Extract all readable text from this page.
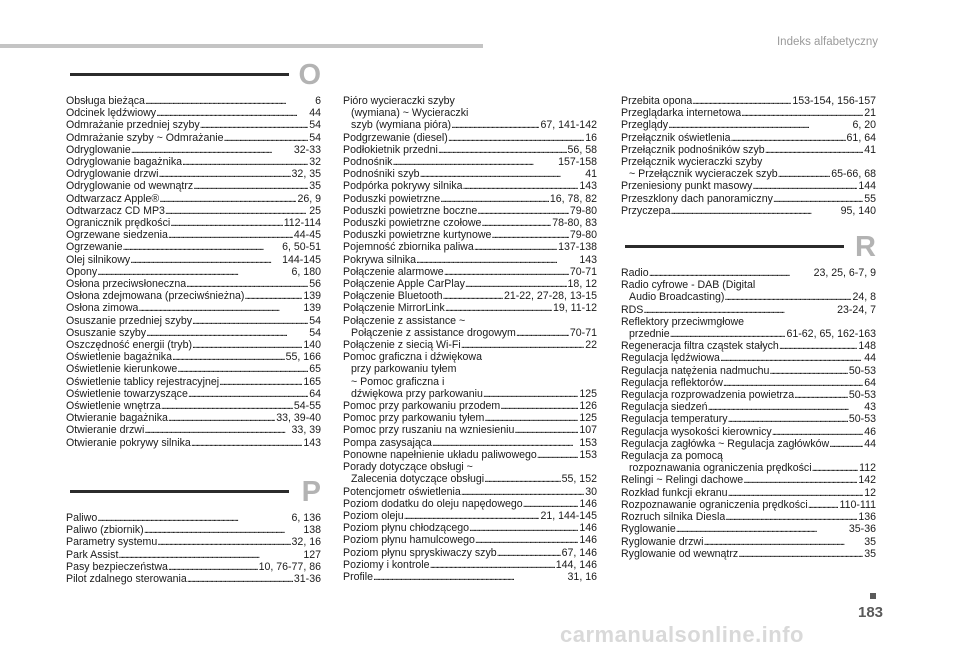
Indeks alfabetyczny
O
Obsługa bieżąca . . .	6
Odcinek lędźwiowy . . .	44
Odmrażanie przedniej szyby . . .	54
Odmrażanie szyby ~ Odmrażanie . . .	54
Odryglowanie . . .	32-33
Odryglowanie bagażnika . . .	32
Odryglowanie drzwi . . .	32, 35
Odryglowanie od wewnątrz . . .	35
Odtwarzacz Apple® . . .	26, 9
Odtwarzacz CD MP3 . . .	25
Ogranicznik prędkości . . .	112-114
Ogrzewane siedzenia . . .	44-45
Ogrzewanie . . .	6, 50-51
Olej silnikowy . . .	144-145
Opony . . .	6, 180
Osłona przeciwsłoneczna . . .	56
Osłona zdejmowana (przeciwśnieżna) . . .	139
Osłona zimowa . . .	139
Osuszanie przedniej szyby . . .	54
Osuszanie szyby . . .	54
Oszczędność energii (tryb) . . .	140
Oświetlenie bagażnika . . .	55, 166
Oświetlenie kierunkowe . . .	65
Oświetlenie tablicy rejestracyjnej . . .	165
Oświetlenie towarzyszące . . .	64
Oświetlenie wnętrza . . .	54-55
Otwieranie bagażnika . . .	33, 39-40
Otwieranie drzwi . . .	33, 39
Otwieranie pokrywy silnika . . .	143
P
Paliwo . . .	6, 136
Paliwo (zbiornik) . . .	138
Parametry systemu . . .	32, 16
Park Assist . . .	127
Pasy bezpieczeństwa . . .	10, 76-77, 86
Pilot zdalnego sterowania . . .	31-36
Pióro wycieraczki szyby
(wymiana) ~ Wycieraczki
szyb (wymiana pióra) . . .	67, 141-142
Podgrzewanie (diesel) . . .	16
Podłokietnik przedni . . .	56, 58
Podnośnik . . .	157-158
Podnośniki szyb . . .	41
Podpórka pokrywy silnika . . .	143
Poduszki powietrzne . . .	16, 78, 82
Poduszki powietrzne boczne . . .	79-80
Poduszki powietrzne czołowe . . .	78-80, 83
Poduszki powietrzne kurtynowe . . .	79-80
Pojemność zbiornika paliwa . . .	137-138
Pokrywa silnika . . .	143
Połączenie alarmowe . . .	70-71
Połączenie Apple CarPlay . . .	18, 12
Połączenie Bluetooth . . .	21-22, 27-28, 13-15
Połączenie MirrorLink . . .	19, 11-12
Połączenie z assistance ~
Połączenie z assistance drogowym . . .	70-71
Połączenie z siecią Wi-Fi . . .	22
Pomoc graficzna i dźwiękowa
przy parkowaniu tyłem
~ Pomoc graficzna i
dźwiękowa przy parkowaniu . . .	125
Pomoc przy parkowaniu przodem . . .	126
Pomoc przy parkowaniu tyłem . . .	125
Pomoc przy ruszaniu na wzniesieniu . . .	107
Pompa zasysająca . . .	153
Ponowne napełnienie układu paliwowego . . .	153
Porady dotyczące obsługi ~
Zalecenia dotyczące obsługi . . .	55, 152
Potencjometr oświetlenia . . .	30
Poziom dodatku do oleju napędowego . . .	146
Poziom oleju . . .	21, 144-145
Poziom płynu chłodzącego . . .	146
Poziom płynu hamulcowego . . .	146
Poziom płynu spryskiwaczy szyb . . .	67, 146
Poziomy i kontrole . . .	144, 146
Profile . . .	31, 16
Przebita opona . . .	153-154, 156-157
Przeglądarka internetowa . . .	21
Przeglądy . . .	6, 20
Przełącznik oświetlenia . . .	61, 64
Przełącznik podnośników szyb . . .	41
Przełącznik wycieraczki szyby
~ Przełącznik wycieraczek szyb . . .	65-66, 68
Przeniesiony punkt masowy . . .	144
Przeszklony dach panoramiczny . . .	55
Przyczepa . . .	95, 140
R
Radio . . .	23, 25, 6-7, 9
Radio cyfrowe - DAB (Digital
Audio Broadcasting) . . .	24, 8
RDS . . .	23-24, 7
Reflektory przeciwmgłowe
przednie . . .	61-62, 65, 162-163
Regeneracja filtra cząstek stałych . . .	148
Regulacja lędźwiowa . . .	44
Regulacja natężenia nadmuchu . . .	50-53
Regulacja reflektorów . . .	64
Regulacja rozprowadzenia powietrza . . .	50-53
Regulacja siedzeń . . .	43
Regulacja temperatury . . .	50-53
Regulacja wysokości kierownicy . . .	46
Regulacja zagłówka ~ Regulacja zagłówków . . .	44
Regulacja za pomocą
rozpoznawania ograniczenia prędkości . . .	112
Relingi ~ Relingi dachowe . . .	142
Rozkład funkcji ekranu . . .	12
Rozpoznawanie ograniczenia prędkości . . .	110-111
Rozruch silnika Diesla . . .	136
Ryglowanie . . .	35-36
Ryglowanie drzwi . . .	35
Ryglowanie od wewnątrz . . .	35
183
carmanualsonline.info
